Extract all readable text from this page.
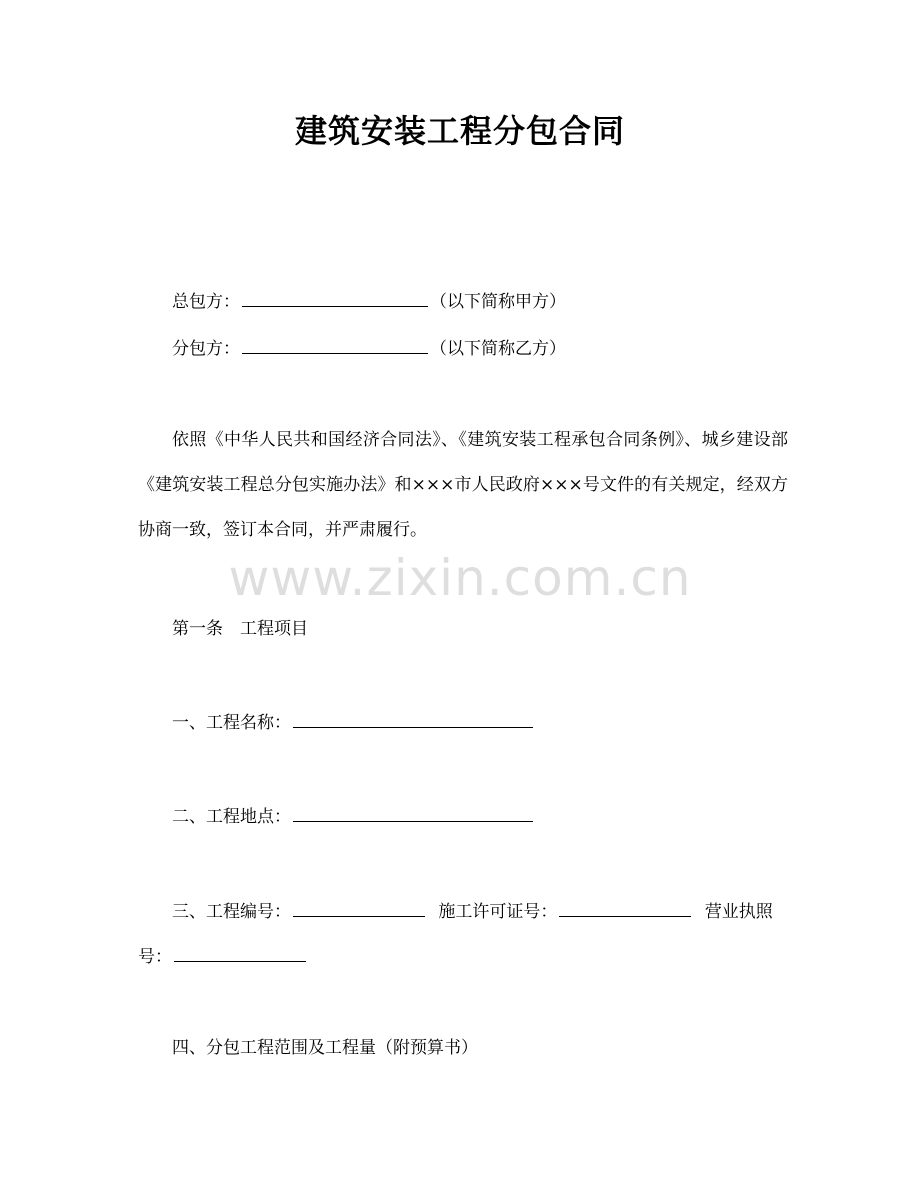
建筑安装工程分包合同
总包方：	（以下简称甲方）
分包方：	（以下简称乙方）

依照《中华人民共和国经济合同法》、《建筑安装工程承包合同条例》、城乡建设部《建筑安装工程总分包实施办法》和×××市人民政府×××号文件的有关规定，经双方协商一致，签订本合同，并严肃履行。

www.zixin.com.cn
第一条　工程项目
一、工程名称：
二、工程地点：
三、工程编号：	施工许可证号：	营业执照
号：
四、分包工程范围及工程量（附预算书）
